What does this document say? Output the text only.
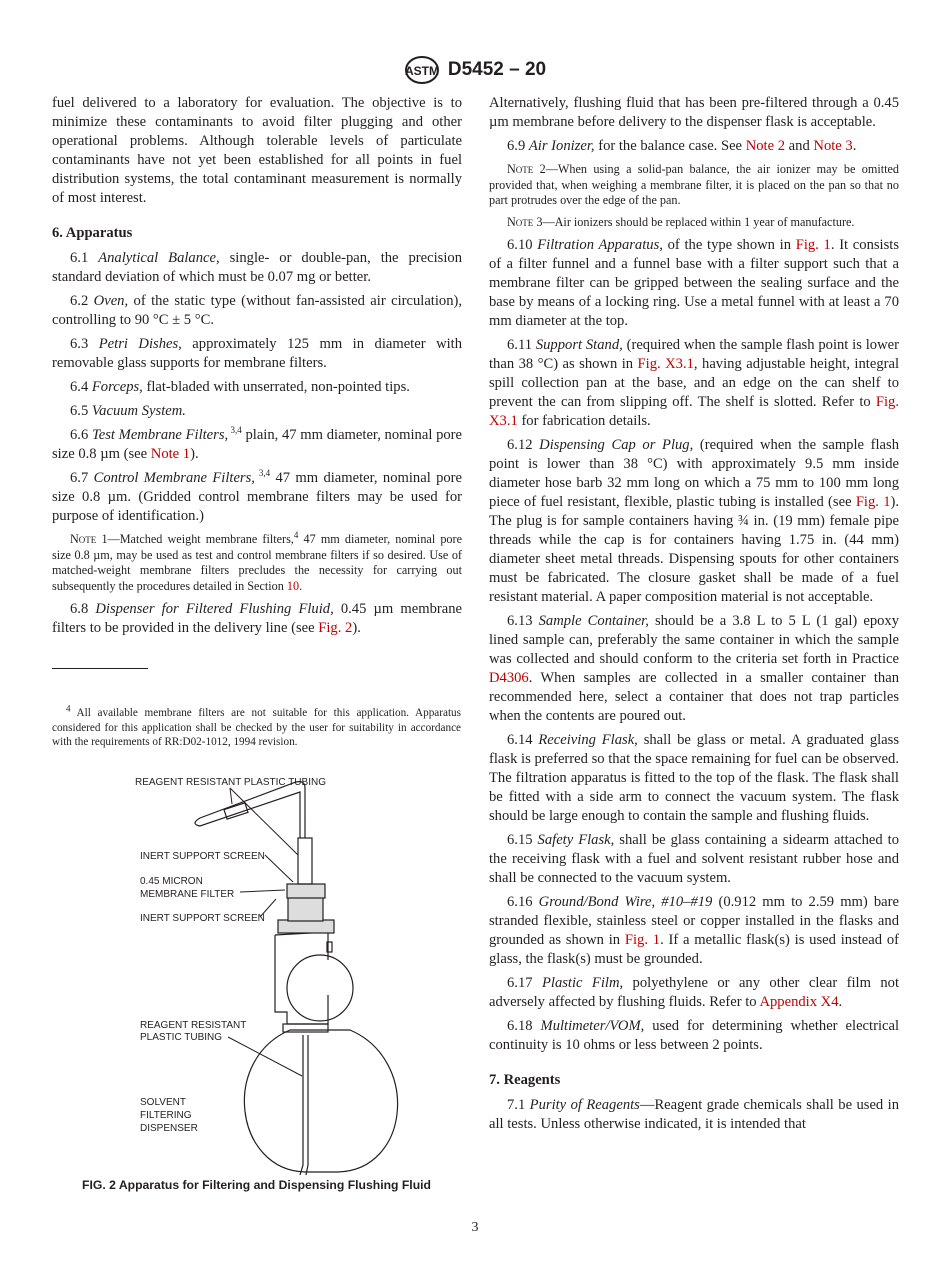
ASTM D5452 – 20

fuel delivered to a laboratory for evaluation. The objective is to minimize these contaminants to avoid filter plugging and other operational problems. Although tolerable levels of particulate contaminants have not yet been established for all points in fuel distribution systems, the total contaminant measurement is normally of most interest.

6. Apparatus

6.1 Analytical Balance, single- or double-pan, the precision standard deviation of which must be 0.07 mg or better.

6.2 Oven, of the static type (without fan-assisted air circulation), controlling to 90 °C ± 5 °C.

6.3 Petri Dishes, approximately 125 mm in diameter with removable glass supports for membrane filters.

6.4 Forceps, flat-bladed with unserrated, non-pointed tips.

6.5 Vacuum System.

6.6 Test Membrane Filters, $^{3,4}$ plain, 47 mm diameter, nominal pore size 0.8 µm (see Note 1).

6.7 Control Membrane Filters, $^{3,4}$ 47 mm diameter, nominal pore size 0.8 µm. (Gridded control membrane filters may be used for purpose of identification.)

Note 1—Matched weight membrane filters,$^4$ 47 mm diameter, nominal pore size 0.8 µm, may be used as test and control membrane filters if so desired. Use of matched-weight membrane filters precludes the necessity for carrying out subsequently the procedures detailed in Section 10.

6.8 Dispenser for Filtered Flushing Fluid, 0.45 µm membrane filters to be provided in the delivery line (see Fig. 2).

$^4$ All available membrane filters are not suitable for this application. Apparatus considered for this application shall be checked by the user for suitability in accordance with the requirements of RR:D02-1012, 1994 revision.
REAGENT RESISTANT PLASTIC TUBING
INERT SUPPORT SCREEN
0.45 MICRON
MEMBRANE FILTER
INERT SUPPORT SCREEN
REAGENT RESISTANT
PLASTIC TUBING
SOLVENT
FILTERING
DISPENSER
FIG. 2 Apparatus for Filtering and Dispensing Flushing Fluid

Alternatively, flushing fluid that has been pre-filtered through a 0.45 µm membrane before delivery to the dispenser flask is acceptable.

6.9 Air Ionizer, for the balance case. See Note 2 and Note 3.

Note 2—When using a solid-pan balance, the air ionizer may be omitted provided that, when weighing a membrane filter, it is placed on the pan so that no part protrudes over the edge of the pan.

Note 3—Air ionizers should be replaced within 1 year of manufacture.

6.10 Filtration Apparatus, of the type shown in Fig. 1. It consists of a filter funnel and a funnel base with a filter support such that a membrane filter can be gripped between the sealing surface and the base by means of a locking ring. Use a metal funnel with at least a 70 mm diameter at the top.

6.11 Support Stand, (required when the sample flash point is lower than 38 °C) as shown in Fig. X3.1, having adjustable height, integral spill collection pan at the base, and an edge on the can shelf to prevent the can from slipping off. The shelf is slotted. Refer to Fig. X3.1 for fabrication details.

6.12 Dispensing Cap or Plug, (required when the sample flash point is lower than 38 °C) with approximately 9.5 mm inside diameter hose barb 32 mm long on which a 75 mm to 100 mm long piece of fuel resistant, flexible, plastic tubing is installed (see Fig. 1). The plug is for sample containers having ¾ in. (19 mm) female pipe threads while the cap is for containers having 1.75 in. (44 mm) diameter sheet metal threads. Dispensing spouts for other containers must be fabricated. The closure gasket shall be made of a fuel resistant material. A paper composition material is not acceptable.

6.13 Sample Container, should be a 3.8 L to 5 L (1 gal) epoxy lined sample can, preferably the same container in which the sample was collected and should conform to the criteria set forth in Practice D4306. When samples are collected in a smaller container than recommended here, select a container that does not trap particles when the contents are poured out.

6.14 Receiving Flask, shall be glass or metal. A graduated glass flask is preferred so that the space remaining for fuel can be observed. The filtration apparatus is fitted to the top of the flask. The flask shall be fitted with a side arm to connect the vacuum system. The flask should be large enough to contain the sample and flushing fluids.

6.15 Safety Flask, shall be glass containing a sidearm attached to the receiving flask with a fuel and solvent resistant rubber hose and shall be connected to the vacuum system.

6.16 Ground/Bond Wire, #10–#19 (0.912 mm to 2.59 mm) bare stranded flexible, stainless steel or copper installed in the flasks and grounded as shown in Fig. 1. If a metallic flask(s) is used instead of glass, the flask(s) must be grounded.

6.17 Plastic Film, polyethylene or any other clear film not adversely affected by flushing fluids. Refer to Appendix X4.

6.18 Multimeter/VOM, used for determining whether electrical continuity is 10 ohms or less between 2 points.

7. Reagents

7.1 Purity of Reagents—Reagent grade chemicals shall be used in all tests. Unless otherwise indicated, it is intended that

3
